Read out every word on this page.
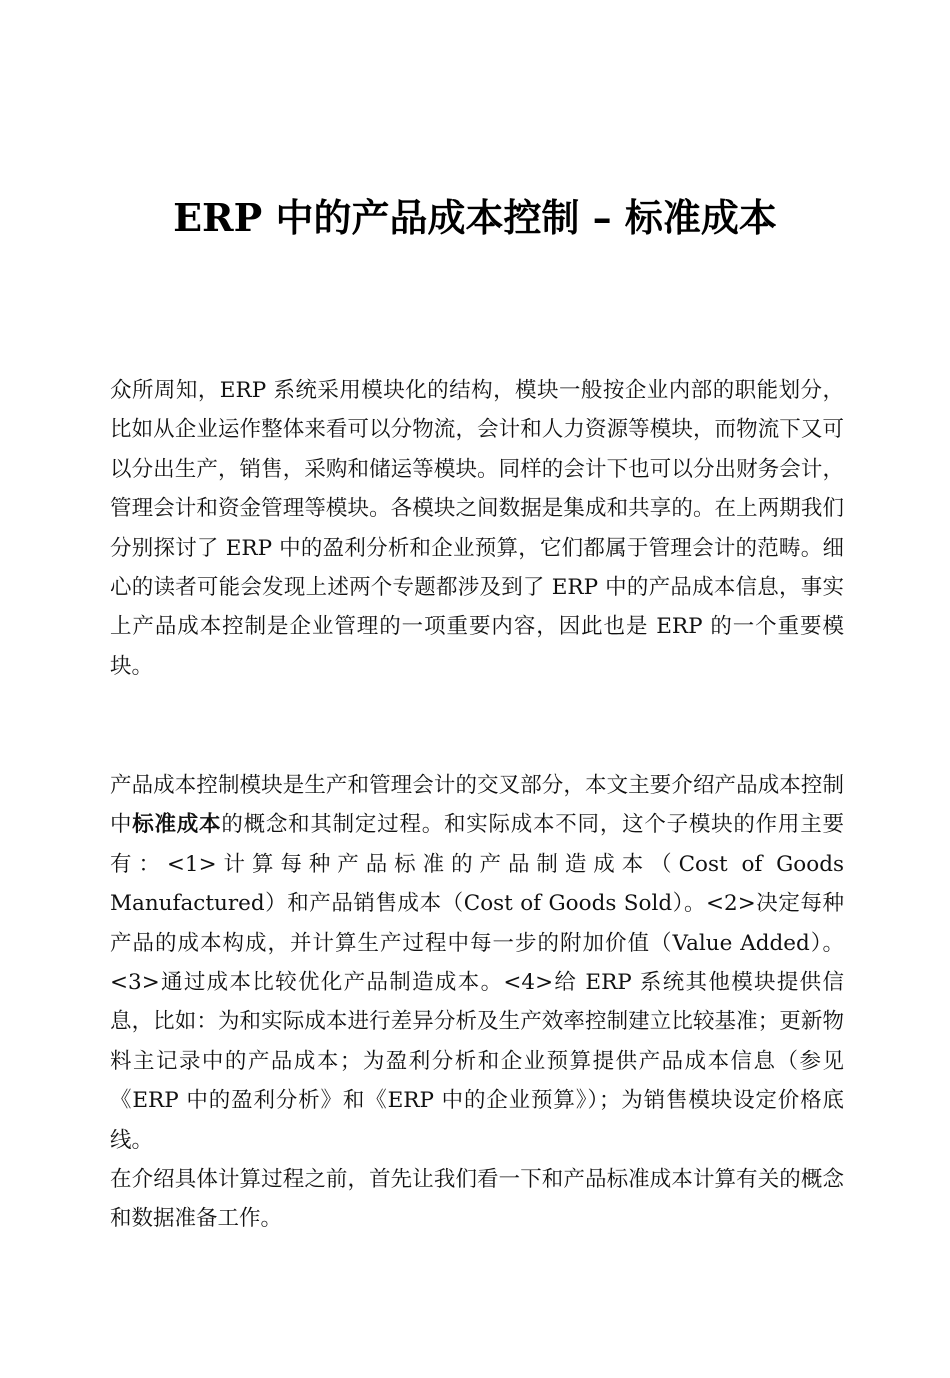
ERP 中的产品成本控制 – 标准成本

众所周知，ERP 系统采用模块化的结构，模块一般按企业内部的职能划分，比如从企业运作整体来看可以分物流，会计和人力资源等模块，而物流下又可以分出生产，销售，采购和储运等模块。同样的会计下也可以分出财务会计，管理会计和资金管理等模块。各模块之间数据是集成和共享的。在上两期我们分别探讨了 ERP 中的盈利分析和企业预算，它们都属于管理会计的范畴。细心的读者可能会发现上述两个专题都涉及到了 ERP 中的产品成本信息，事实上产品成本控制是企业管理的一项重要内容，因此也是 ERP 的一个重要模块。

产品成本控制模块是生产和管理会计的交叉部分，本文主要介绍产品成本控制中标准成本的概念和其制定过程。和实际成本不同，这个子模块的作用主要有：<1>计算每种产品标准的产品制造成本（Cost of Goods Manufactured）和产品销售成本（Cost of Goods Sold）。<2>决定每种产品的成本构成，并计算生产过程中每一步的附加价值（Value Added）。<3>通过成本比较优化产品制造成本。<4>给 ERP 系统其他模块提供信息，比如：为和实际成本进行差异分析及生产效率控制建立比较基准；更新物料主记录中的产品成本；为盈利分析和企业预算提供产品成本信息（参见《ERP 中的盈利分析》和《ERP 中的企业预算》）；为销售模块设定价格底线。

在介绍具体计算过程之前，首先让我们看一下和产品标准成本计算有关的概念和数据准备工作。
